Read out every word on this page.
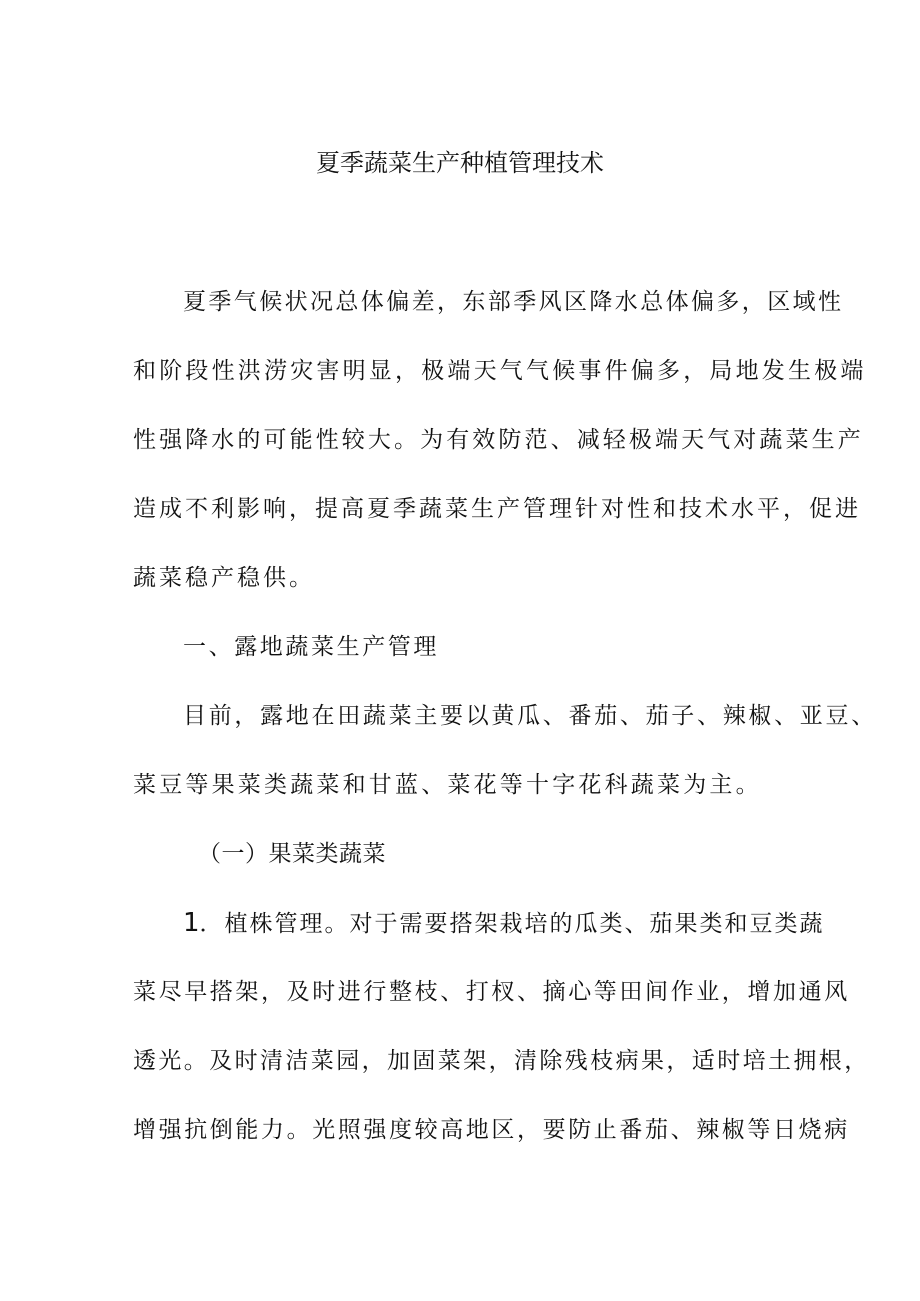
夏季蔬菜生产种植管理技术
夏季气候状况总体偏差，东部季风区降水总体偏多，区域性
和阶段性洪涝灾害明显，极端天气气候事件偏多，局地发生极端
性强降水的可能性较大。为有效防范、减轻极端天气对蔬菜生产
造成不利影响，提高夏季蔬菜生产管理针对性和技术水平，促进
蔬菜稳产稳供。
一、露地蔬菜生产管理
目前，露地在田蔬菜主要以黄瓜、番茄、茄子、辣椒、亚豆、
菜豆等果菜类蔬菜和甘蓝、菜花等十字花科蔬菜为主。
（一）果菜类蔬菜
1．植株管理。对于需要搭架栽培的瓜类、茄果类和豆类蔬
菜尽早搭架，及时进行整枝、打杈、摘心等田间作业，增加通风
透光。及时清洁菜园，加固菜架，清除残枝病果，适时培土拥根，
增强抗倒能力。光照强度较高地区，要防止番茄、辣椒等日烧病
